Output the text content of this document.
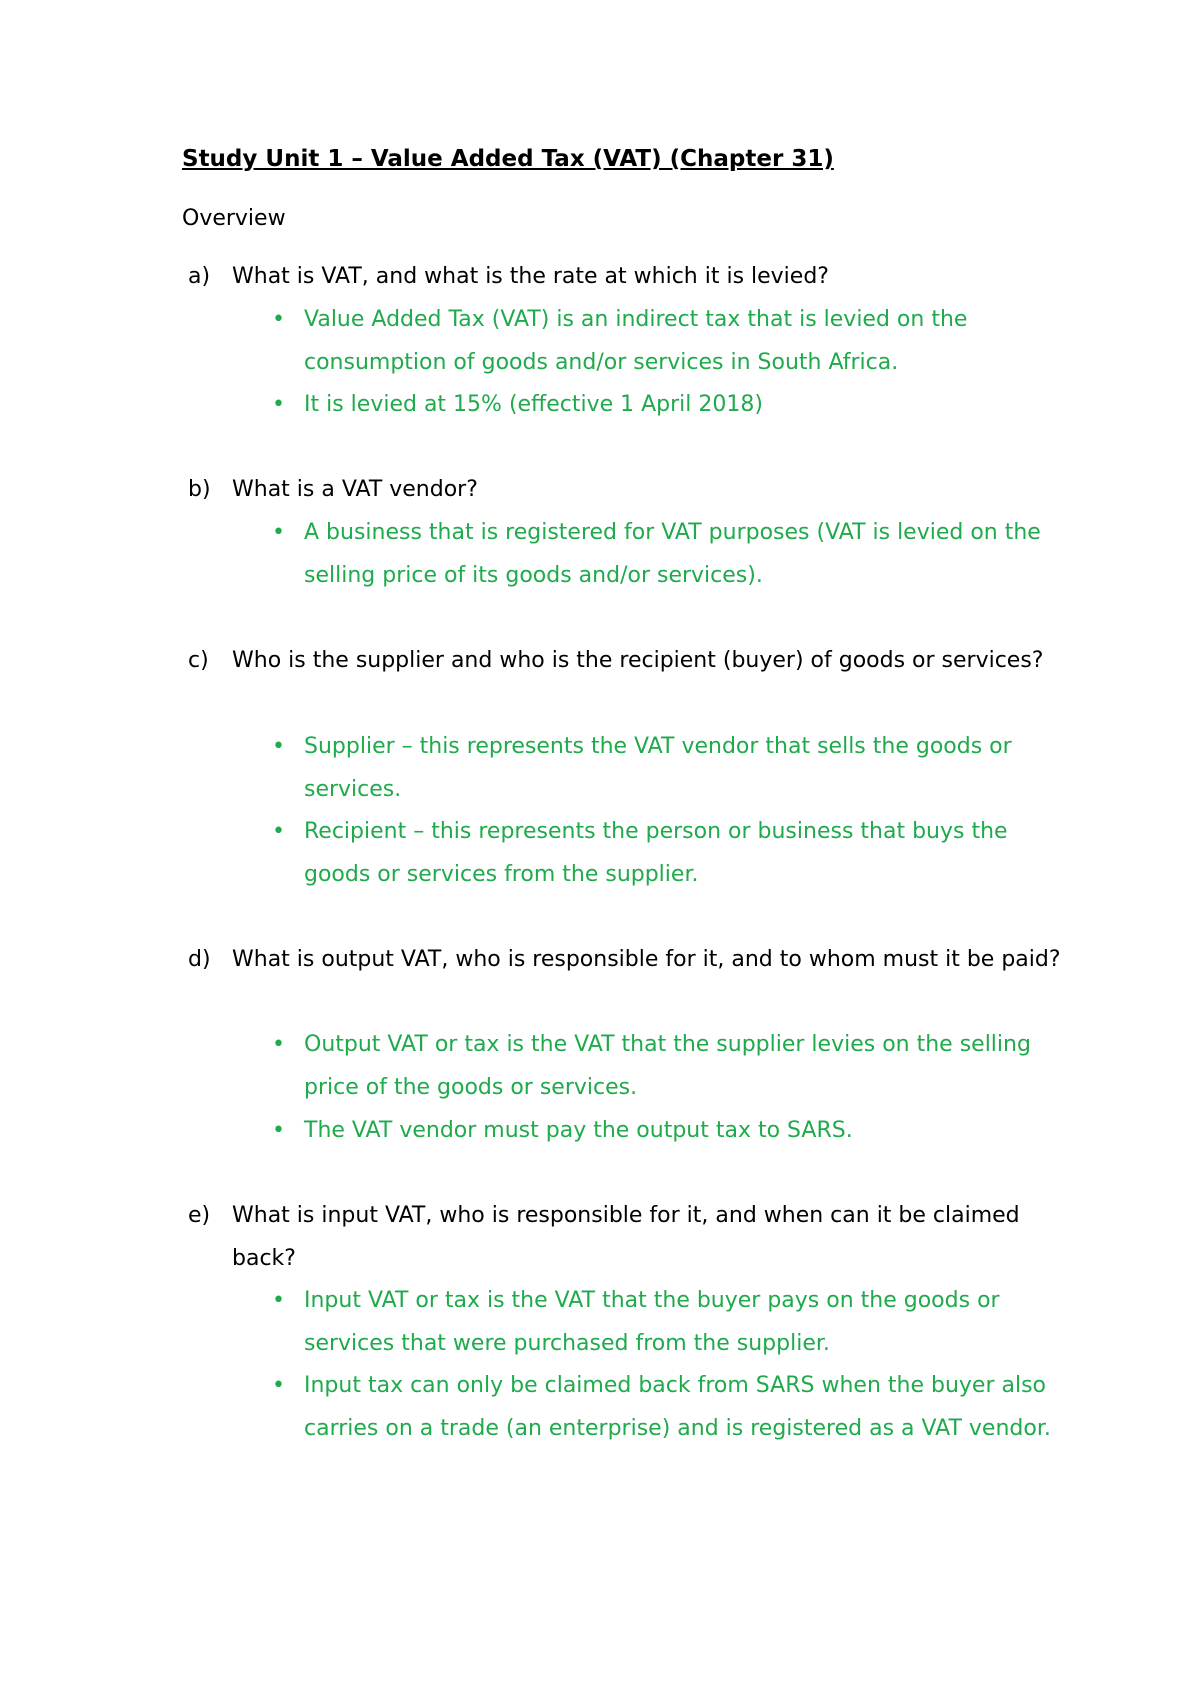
Study Unit 1 – Value Added Tax (VAT) (Chapter 31)
Overview
a) What is VAT, and what is the rate at which it is levied?
• Value Added Tax (VAT) is an indirect tax that is levied on the consumption of goods and/or services in South Africa.
• It is levied at 15% (effective 1 April 2018)
b) What is a VAT vendor?
• A business that is registered for VAT purposes (VAT is levied on the selling price of its goods and/or services).
c)	Who is the supplier and who is the recipient (buyer) of goods or services?
• Supplier – this represents the VAT vendor that sells the goods or services.
• Recipient – this represents the person or business that buys the goods or services from the supplier.
d) What is output VAT, who is responsible for it, and to whom must it be paid?
• Output VAT or tax is the VAT that the supplier levies on the selling price of the goods or services.
• The VAT vendor must pay the output tax to SARS.
e) What is input VAT, who is responsible for it, and when can it be claimed back?
• Input VAT or tax is the VAT that the buyer pays on the goods or services that were purchased from the supplier.
• Input tax can only be claimed back from SARS when the buyer also carries on a trade (an enterprise) and is registered as a VAT vendor.
